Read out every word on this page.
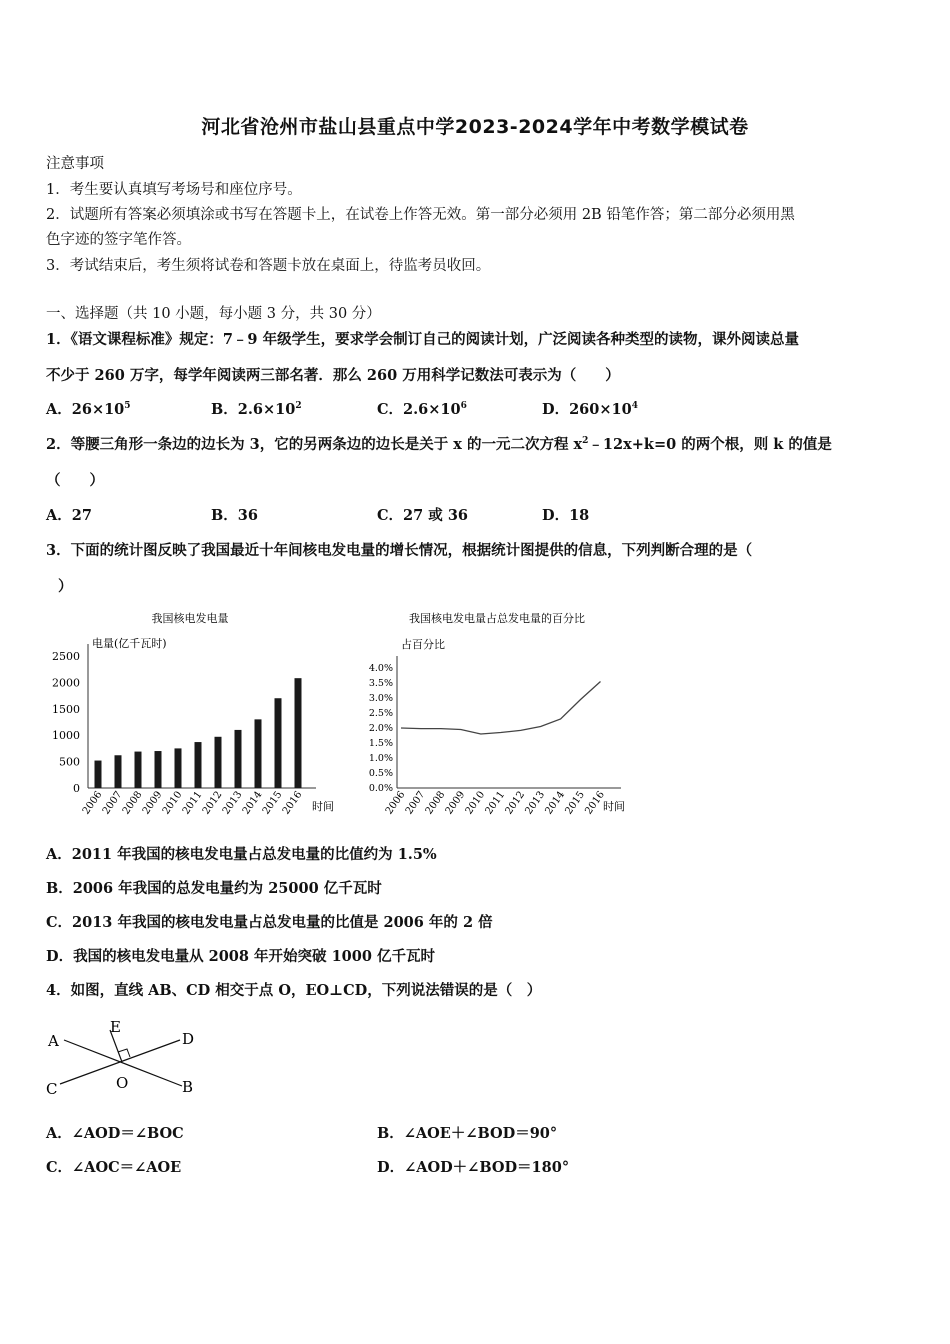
河北省沧州市盐山县重点中学2023-2024学年中考数学模试卷
注意事项
1．考生要认真填写考场号和座位序号。
2．试题所有答案必须填涂或书写在答题卡上，在试卷上作答无效。第一部分必须用 2B 铅笔作答；第二部分必须用黑
色字迹的签字笔作答。
3．考试结束后，考生须将试卷和答题卡放在桌面上，待监考员收回。
一、选择题（共 10 小题，每小题 3 分，共 30 分）
1．《语文课程标准》规定：7﹣9 年级学生，要求学会制订自己的阅读计划，广泛阅读各种类型的读物，课外阅读总量
不少于 260 万字，每学年阅读两三部名著．那么 260 万用科学记数法可表示为（　　）
A．$26\times 10^5$	B．$2.6\times 10^2$	C．$2.6\times 10^6$	D．$260\times 10^4$
2．等腰三角形一条边的边长为 3，它的另两条边的边长是关于 x 的一元二次方程 $x^2﹣12x+k=0$ 的两个根，则 k 的值是
（　　）
A．27	B．36	C．27 或 36	D．18
3．下面的统计图反映了我国最近十年间核电发电量的增长情况，根据统计图提供的信息，下列判断合理的是（
）
我国核电发电量
电量(亿千瓦时)
时间
0
500
1000
1500
2000
2500
2006
2007
2008
2009
2010
2011
2012
2013
2014
2015
2016
我国核电发电量占总发电量的百分比
占百分比
时间
0.0%
0.5%
1.0%
1.5%
2.0%
2.5%
3.0%
3.5%
4.0%
2006
2007
2008
2009
2010
2011
2012
2013
2014
2015
2016
A．2011 年我国的核电发电量占总发电量的比值约为 1.5%
B．2006 年我国的总发电量约为 25000 亿千瓦时
C．2013 年我国的核电发电量占总发电量的比值是 2006 年的 2 倍
D．我国的核电发电量从 2008 年开始突破 1000 亿千瓦时
4．如图，直线 AB、CD 相交于点 O，EO⊥CD，下列说法错误的是（　）
A
C
E
O
D
B
A．∠AOD＝∠BOC	B．∠AOE＋∠BOD＝90°
C．∠AOC＝∠AOE	D．∠AOD＋∠BOD＝180°
